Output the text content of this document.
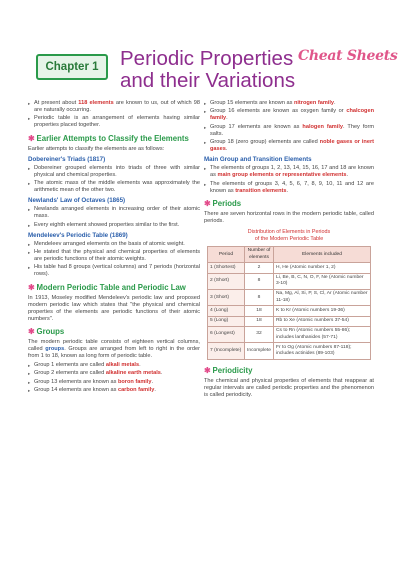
Chapter 1	Periodic Properties
and their Variations
Cheat Sheets
▸ At present about 118 elements are known to us, out of which 98 are naturally occurring.
▸ Periodic table is an arrangement of elements having similar properties placed together.
✱ Earlier Attempts to Classify the Elements
Earlier attempts to classify the elements are as follows:
Dobereiner's Triads (1817)
▸ Dobereiner grouped elements into triads of three with similar physical and chemical properties.
▸ The atomic mass of the middle elements was approximately the arithmetic mean of the other two.
Newlands' Law of Octaves (1865)
▸ Newlands arranged elements in increasing order of their atomic mass.
▸ Every eighth element showed properties similar to the first.
Mendeleev's Periodic Table (1869)
▸ Mendeleev arranged elements on the basis of atomic weight.
▸ He stated that the physical and chemical properties of elements are periodic functions of their atomic weights.
▸ His table had 8 groups (vertical columns) and 7 periods (horizontal rows).
✱ Modern Periodic Table and Periodic Law
In 1913, Moseley modified Mendeleev's periodic law and proposed modern periodic law which states that "the physical and chemical properties of the elements are periodic functions of their atomic numbers".
✱ Groups
The modern periodic table consists of eighteen vertical columns, called groups. Groups are arranged from left to right in the order from 1 to 18, known as long form of periodic table.
▸ Group 1 elements are called alkali metals.
▸ Group 2 elements are called alkaline earth metals.
▸ Group 13 elements are known as boron family.
▸ Group 14 elements are known as carbon family.
▸ Group 15 elements are known as nitrogen family.
▸ Group 16 elements are known as oxygen family or chalcogen family.
▸ Group 17 elements are known as halogen family. They form salts.
▸ Group 18 (zero group) elements are called noble gases or inert gases.
Main Group and Transition Elements
▸ The elements of groups 1, 2, 13, 14, 15, 16, 17 and 18 are known as main group elements or representative elements.
▸ The elements of groups 3, 4, 5, 6, 7, 8, 9, 10, 11 and 12 are known as transition elements.
✱ Periods
There are seven horizontal rows in the modern periodic table, called periods.
Distribution of Elements in Periods
of the Modern Periodic Table
Period	Number of elements	Elements included
1 (Shortest)	2	H, He (Atomic number 1, 2)
2 (Short)	8	Li, Be, B, C, N, O, F, Ne (Atomic number 3-10)
3 (Short)	8	Na, Mg, Al, Si, P, S, Cl, Ar (Atomic number 11-18)
4 (Long)	18	K to Kr (Atomic numbers 19-36)
5 (Long)	18	Rb to Xe (Atomic numbers 37-54)
6 (Longest)	32	Cs to Rn (Atomic numbers 55-86); includes lanthanides (57-71)
7 (Incomplete)	Incomplete	Fr to Og (Atomic numbers 87-118); includes actinides (89-103)
✱ Periodicity
The chemical and physical properties of elements that reappear at regular intervals are called periodic properties and the phenomenon is called periodicity.
